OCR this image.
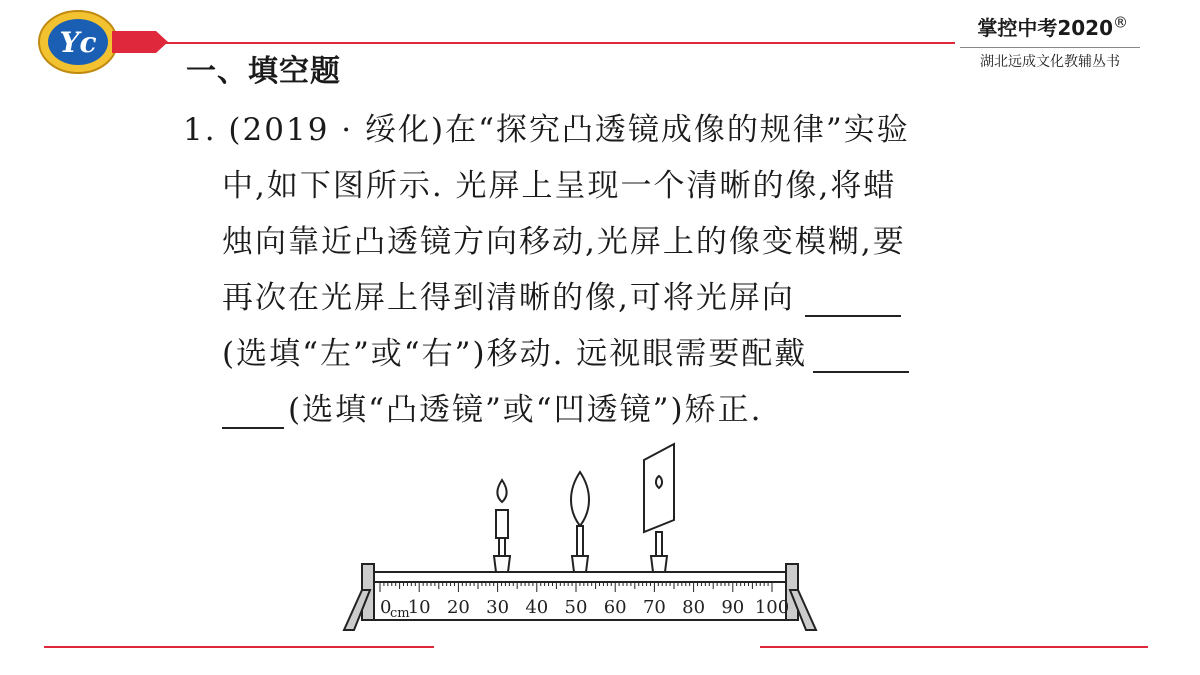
Yc
一、填空题
掌控中考2020®
湖北远成文化教辅丛书
1. (2019 · 绥化)在“探究凸透镜成像的规律”实验
中,如下图所示. 光屏上呈现一个清晰的像,将蜡
烛向靠近凸透镜方向移动,光屏上的像变模糊,要
再次在光屏上得到清晰的像,可将光屏向
(选填“左”或“右”)移动. 远视眼需要配戴
(选填“凸透镜”或“凹透镜”)矫正.
10 20 30 40 50 60 70 80 90 100
0
cm
